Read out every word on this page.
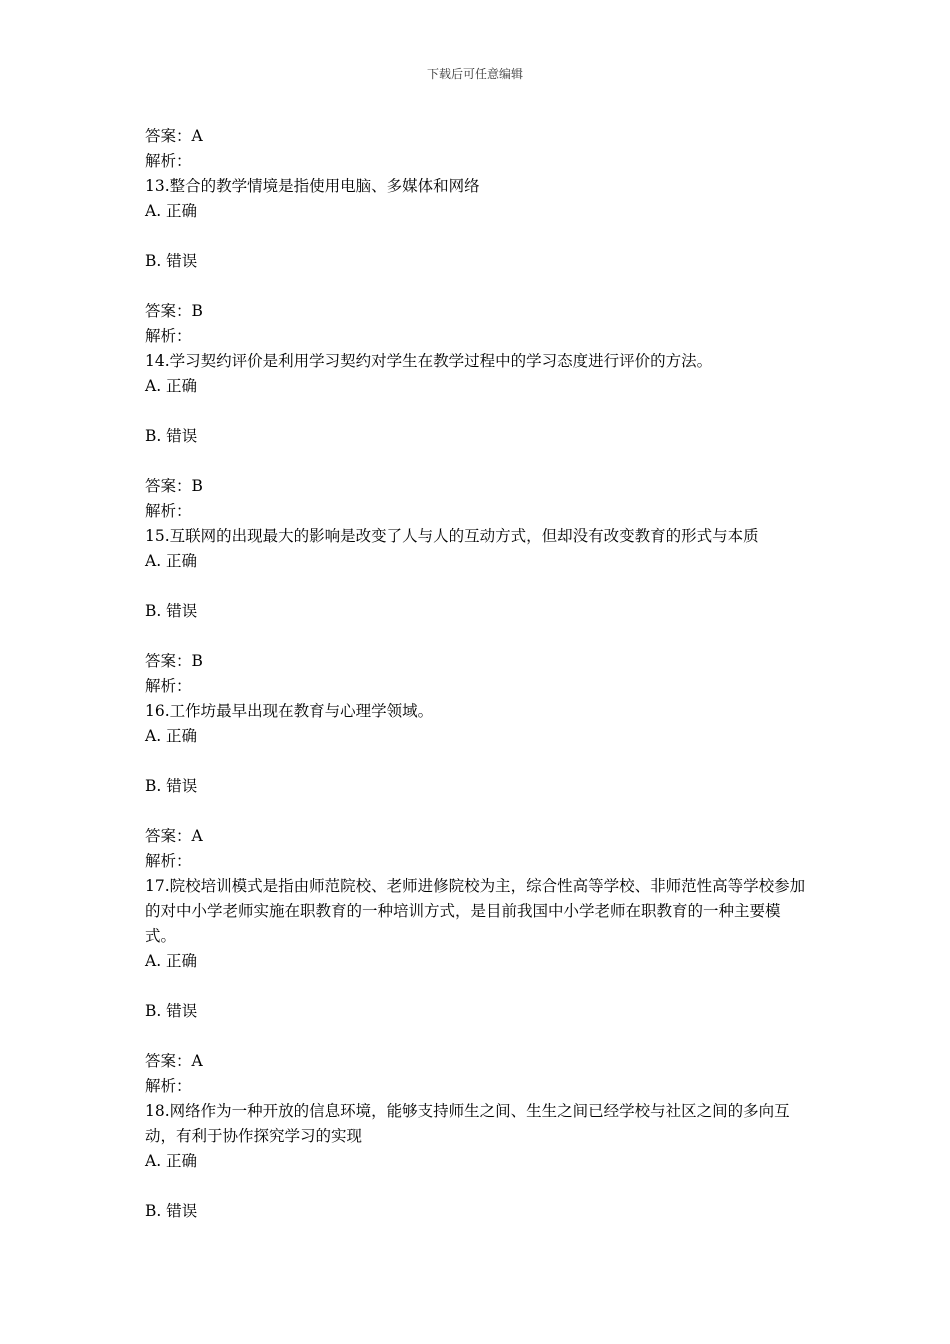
下载后可任意编辑
答案：A
解析：
13.整合的教学情境是指使用电脑、多媒体和网络
A. 正确
B. 错误
答案：B
解析：
14.学习契约评价是利用学习契约对学生在教学过程中的学习态度进行评价的方法。
A. 正确
B. 错误
答案：B
解析：
15.互联网的出现最大的影响是改变了人与人的互动方式，但却没有改变教育的形式与本质
A. 正确
B. 错误
答案：B
解析：
16.工作坊最早出现在教育与心理学领域。
A. 正确
B. 错误
答案：A
解析：
17.院校培训模式是指由师范院校、老师进修院校为主，综合性高等学校、非师范性高等学校参加的对中小学老师实施在职教育的一种培训方式，是目前我国中小学老师在职教育的一种主要模式。
A. 正确
B. 错误
答案：A
解析：
18.网络作为一种开放的信息环境，能够支持师生之间、生生之间已经学校与社区之间的多向互动，有利于协作探究学习的实现
A. 正确
B. 错误
